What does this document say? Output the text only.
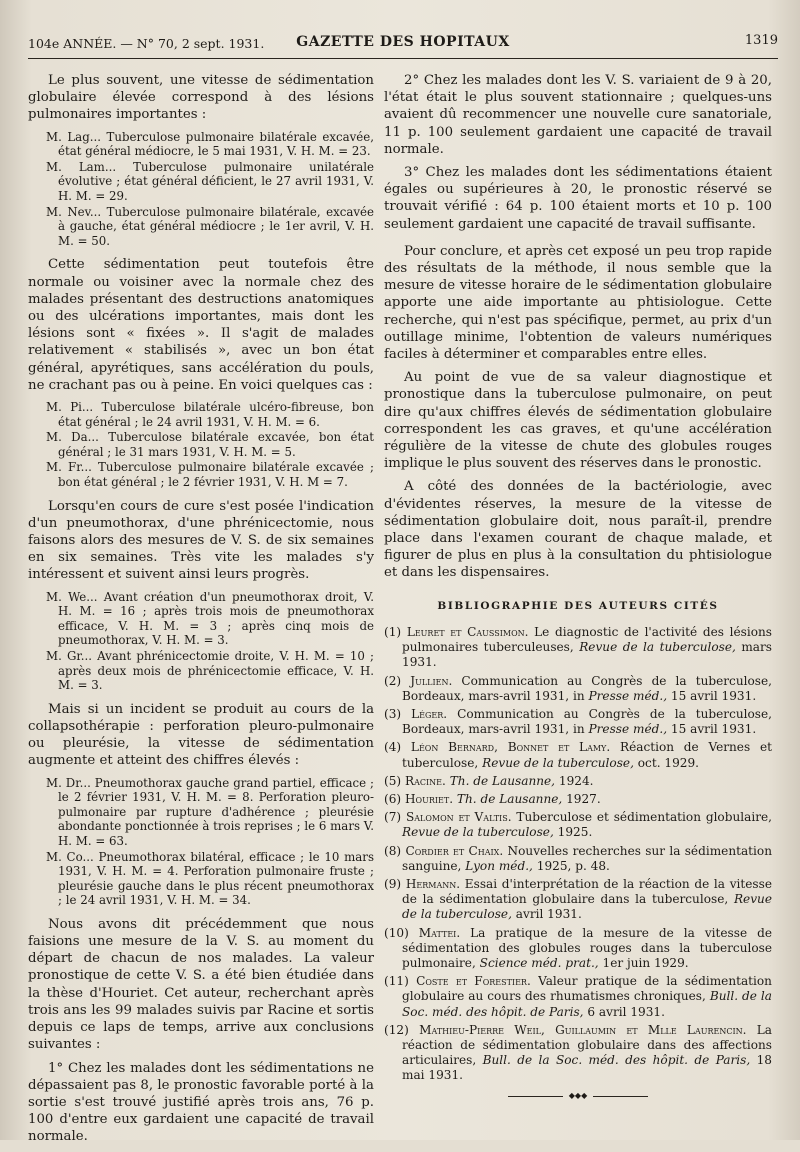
104e ANNÉE. — N° 70, 2 sept. 1931.	GAZETTE DES HOPITAUX	1319

Le plus souvent, une vitesse de sédimentation globulaire élevée correspond à des lésions pulmonaires importantes :

M. Lag... Tuberculose pulmonaire bilatérale excavée, état général médiocre, le 5 mai 1931, V. H. M. = 23.

M. Lam... Tuberculose pulmonaire unilatérale évolutive ; état général déficient, le 27 avril 1931, V. H. M. = 29.

M. Nev... Tuberculose pulmonaire bilatérale, excavée à gauche, état général médiocre ; le 1er avril, V. H. M. = 50.

Cette sédimentation peut toutefois être normale ou voisiner avec la normale chez des malades présentant des destructions anatomiques ou des ulcérations importantes, mais dont les lésions sont « fixées ». Il s'agit de malades relativement « stabilisés », avec un bon état général, apyrétiques, sans accélération du pouls, ne crachant pas ou à peine. En voici quelques cas :

M. Pi... Tuberculose bilatérale ulcéro-fibreuse, bon état général ; le 24 avril 1931, V. H. M. = 6.

M. Da... Tuberculose bilatérale excavée, bon état général ; le 31 mars 1931, V. H. M. = 5.

M. Fr... Tuberculose pulmonaire bilatérale excavée ; bon état général ; le 2 février 1931, V. H. M = 7.

Lorsqu'en cours de cure s'est posée l'indication d'un pneumothorax, d'une phrénicectomie, nous faisons alors des mesures de V. S. de six semaines en six semaines. Très vite les malades s'y intéressent et suivent ainsi leurs progrès.

M. We... Avant création d'un pneumothorax droit, V. H. M. = 16 ; après trois mois de pneumothorax efficace, V. H. M. = 3 ; après cinq mois de pneumothorax, V. H. M. = 3.

M. Gr... Avant phrénicectomie droite, V. H. M. = 10 ; après deux mois de phrénicectomie efficace, V. H. M. = 3.

Mais si un incident se produit au cours de la collapsothérapie : perforation pleuro-pulmonaire ou pleurésie, la vitesse de sédimentation augmente et atteint des chiffres élevés :

M. Dr... Pneumothorax gauche grand partiel, efficace ; le 2 février 1931, V. H. M. = 8. Perforation pleuro-pulmonaire par rupture d'adhérence ; pleurésie abondante ponctionnée à trois reprises ; le 6 mars V. H. M. = 63.

M. Co... Pneumothorax bilatéral, efficace ; le 10 mars 1931, V. H. M. = 4. Perforation pulmonaire fruste ; pleurésie gauche dans le plus récent pneumothorax ; le 24 avril 1931, V. H. M. = 34.

Nous avons dit précédemment que nous faisions une mesure de la V. S. au moment du départ de chacun de nos malades. La valeur pronostique de cette V. S. a été bien étudiée dans la thèse d'Houriet. Cet auteur, recherchant après trois ans les 99 malades suivis par Racine et sortis depuis ce laps de temps, arrive aux conclusions suivantes :

1° Chez les malades dont les sédimentations ne dépassaient pas 8, le pronostic favorable porté à la sortie s'est trouvé justifié après trois ans, 76 p. 100 d'entre eux gardaient une capacité de travail normale.

2° Chez les malades dont les V. S. variaient de 9 à 20, l'état était le plus souvent stationnaire ; quelques-uns avaient dû recommencer une nouvelle cure sanatoriale, 11 p. 100 seulement gardaient une capacité de travail normale.

3° Chez les malades dont les sédimentations étaient égales ou supérieures à 20, le pronostic réservé se trouvait vérifié : 64 p. 100 étaient morts et 10 p. 100 seulement gardaient une capacité de travail suffisante.

Pour conclure, et après cet exposé un peu trop rapide des résultats de la méthode, il nous semble que la mesure de vitesse horaire de le sédimentation globulaire apporte une aide importante au phtisiologue. Cette recherche, qui n'est pas spécifique, permet, au prix d'un outillage minime, l'obtention de valeurs numériques faciles à déterminer et comparables entre elles.

Au point de vue de sa valeur diagnostique et pronostique dans la tuberculose pulmonaire, on peut dire qu'aux chiffres élevés de sédimentation globulaire correspondent les cas graves, et qu'une accélération régulière de la vitesse de chute des globules rouges implique le plus souvent des réserves dans le pronostic.

A côté des données de la bactériologie, avec d'évidentes réserves, la mesure de la vitesse de sédimentation globulaire doit, nous paraît-il, prendre place dans l'examen courant de chaque malade, et figurer de plus en plus à la consultation du phtisiologue et dans les dispensaires.

BIBLIOGRAPHIE DES AUTEURS CITÉS

(1) Leuret et Caussimon. Le diagnostic de l'activité des lésions pulmonaires tuberculeuses, Revue de la tuberculose, mars 1931.

(2) Jullien. Communication au Congrès de la tuberculose, Bordeaux, mars-avril 1931, in Presse méd., 15 avril 1931.

(3) Léger. Communication au Congrès de la tuberculose, Bordeaux, mars-avril 1931, in Presse méd., 15 avril 1931.

(4) Léon Bernard, Bonnet et Lamy. Réaction de Vernes et tuberculose, Revue de la tuberculose, oct. 1929.

(5) Racine. Th. de Lausanne, 1924.

(6) Houriet. Th. de Lausanne, 1927.

(7) Salomon et Valtis. Tuberculose et sédimentation globulaire, Revue de la tuberculose, 1925.

(8) Cordier et Chaix. Nouvelles recherches sur la sédimentation sanguine, Lyon méd., 1925, p. 48.

(9) Hermann. Essai d'interprétation de la réaction de la vitesse de la sédimentation globulaire dans la tuberculose, Revue de la tuberculose, avril 1931.

(10) Mattei. La pratique de la mesure de la vitesse de sédimentation des globules rouges dans la tuberculose pulmonaire, Science méd. prat., 1er juin 1929.

(11) Coste et Forestier. Valeur pratique de la sédimentation globulaire au cours des rhumatismes chroniques, Bull. de la Soc. méd. des hôpit. de Paris, 6 avril 1931.

(12) Mathieu-Pierre Weil, Guillaumin et Mlle Laurencin. La réaction de sédimentation globulaire dans des affections articulaires, Bull. de la Soc. méd. des hôpit. de Paris, 18 mai 1931.

◆◆◆
